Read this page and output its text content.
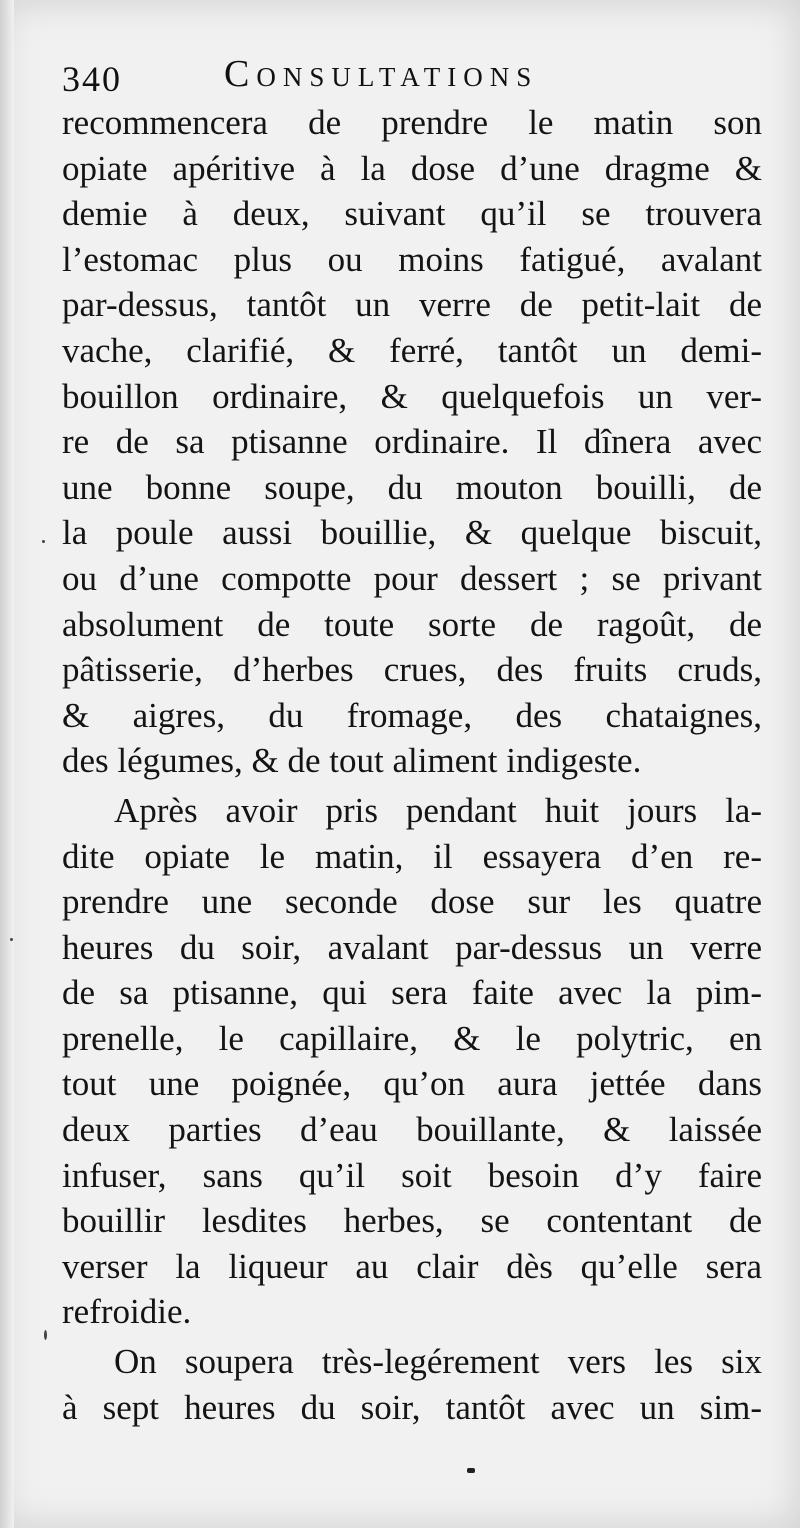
340	Consultations
recommencera de prendre le matin son
opiate apéritive à la dose d’une dragme &
demie à deux, suivant qu’il se trouvera
l’estomac plus ou moins fatigué, avalant
par-dessus, tantôt un verre de petit-lait de
vache, clarifié, & ferré, tantôt un demi-
bouillon ordinaire, & quelquefois un ver-
re de sa ptisanne ordinaire. Il dînera avec
une bonne soupe, du mouton bouilli, de
la poule aussi bouillie, & quelque biscuit,
ou d’une compotte pour dessert ; se privant
absolument de toute sorte de ragoût, de
pâtisserie, d’herbes crues, des fruits cruds,
& aigres, du fromage, des chataignes,
des légumes, & de tout aliment indigeste.
Après avoir pris pendant huit jours la-
dite opiate le matin, il essayera d’en re-
prendre une seconde dose sur les quatre
heures du soir, avalant par-dessus un verre
de sa ptisanne, qui sera faite avec la pim-
prenelle, le capillaire, & le polytric, en
tout une poignée, qu’on aura jettée dans
deux parties d’eau bouillante, & laissée
infuser, sans qu’il soit besoin d’y faire
bouillir lesdites herbes, se contentant de
verser la liqueur au clair dès qu’elle sera
refroidie.
On soupera très-legérement vers les six
à sept heures du soir, tantôt avec un sim-
